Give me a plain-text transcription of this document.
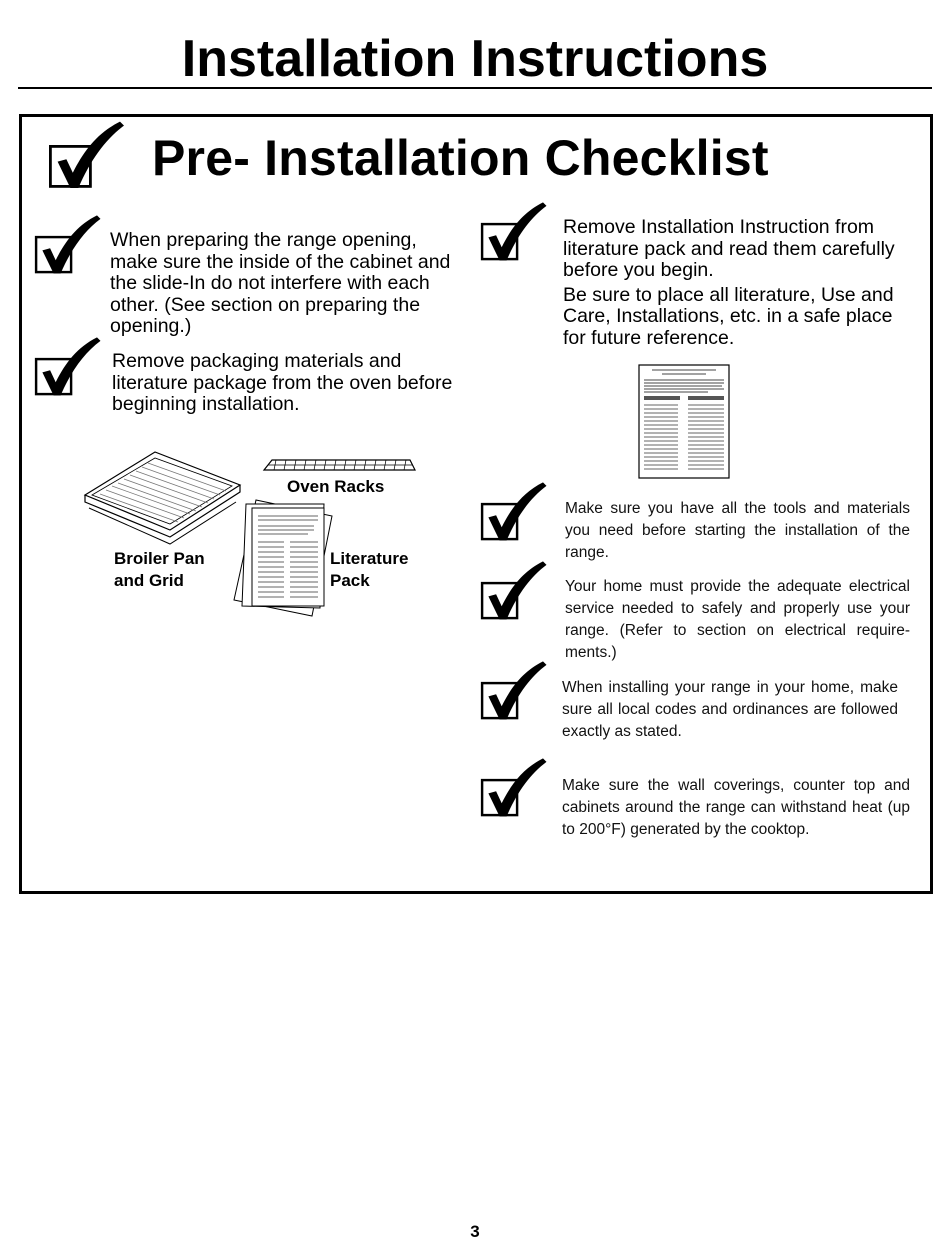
Installation Instructions
Pre- Installation Checklist
When preparing the range opening, make sure the inside of the cabinet and the slide-In do not interfere with each other. (See section on preparing the opening.)
Remove packaging materials and literature package from the oven before beginning installation.
Oven Racks
Broiler Pan
and Grid
Literature
Pack

Remove Installation Instruction from literature pack and read them carefully before you begin.

Be sure to place all literature, Use and Care, Installations, etc. in a safe place for future reference.

Make sure you have all the tools and materials you need before starting the installation of the range.
Your home must provide the adequate electrical service needed to safely and properly use your range. (Refer to section on electrical require-ments.)
When installing your range in your home, make sure all local codes and ordinances are followed exactly as stated.
Make sure the wall coverings, counter top and cabinets around the range can withstand heat (up to 200°F) generated by the cooktop.
3
